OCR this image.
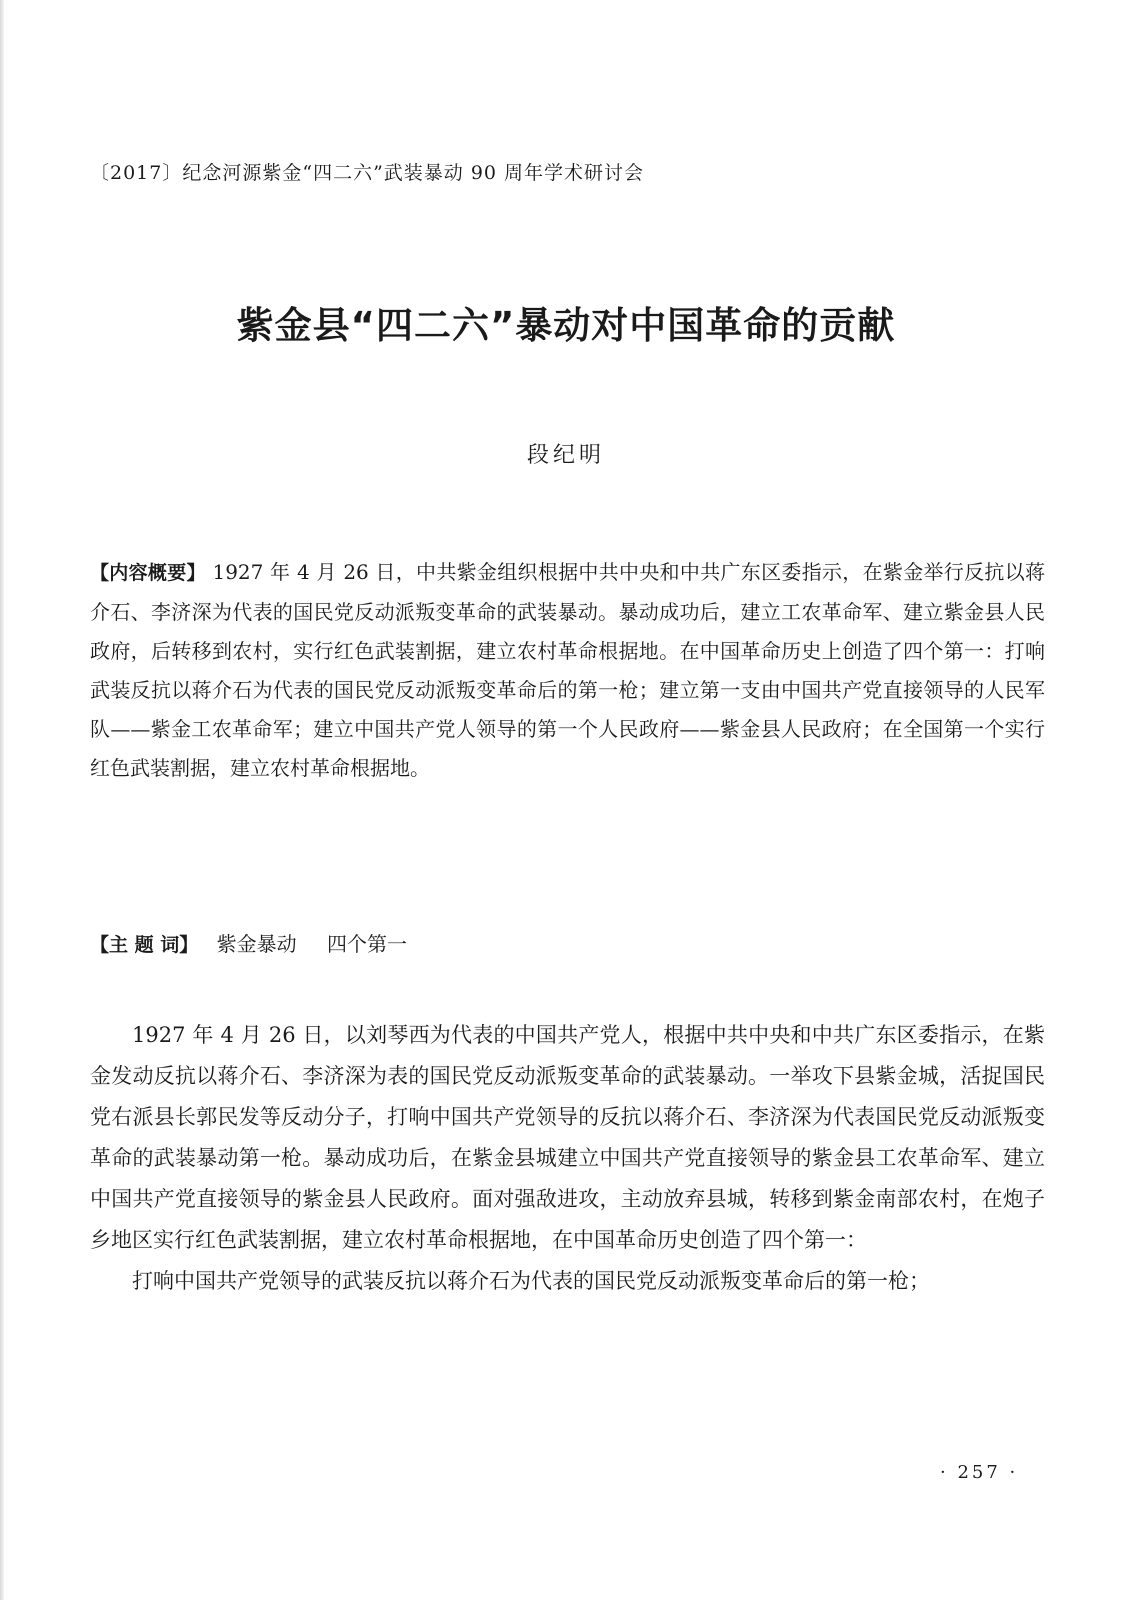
〔2017〕纪念河源紫金“四二六”武装暴动 90 周年学术研讨会
紫金县“四二六”暴动对中国革命的贡献
段纪明
【内容概要】 1927 年 4 月 26 日，中共紫金组织根据中共中央和中共广东区委指示，在紫金举行反抗以蒋介石、李济深为代表的国民党反动派叛变革命的武装暴动。暴动成功后，建立工农革命军、建立紫金县人民政府，后转移到农村，实行红色武装割据，建立农村革命根据地。在中国革命历史上创造了四个第一：打响武装反抗以蒋介石为代表的国民党反动派叛变革命后的第一枪；建立第一支由中国共产党直接领导的人民军队——紫金工农革命军；建立中国共产党人领导的第一个人民政府——紫金县人民政府；在全国第一个实行红色武装割据，建立农村革命根据地。
【主 题 词】 紫金暴动 四个第一

1927 年 4 月 26 日，以刘琴西为代表的中国共产党人，根据中共中央和中共广东区委指示，在紫金发动反抗以蒋介石、李济深为表的国民党反动派叛变革命的武装暴动。一举攻下县紫金城，活捉国民党右派县长郭民发等反动分子，打响中国共产党领导的反抗以蒋介石、李济深为代表国民党反动派叛变革命的武装暴动第一枪。暴动成功后，在紫金县城建立中国共产党直接领导的紫金县工农革命军、建立中国共产党直接领导的紫金县人民政府。面对强敌进攻，主动放弃县城，转移到紫金南部农村，在炮子乡地区实行红色武装割据，建立农村革命根据地，在中国革命历史创造了四个第一：

打响中国共产党领导的武装反抗以蒋介石为代表的国民党反动派叛变革命后的第一枪；

· 257 ·
